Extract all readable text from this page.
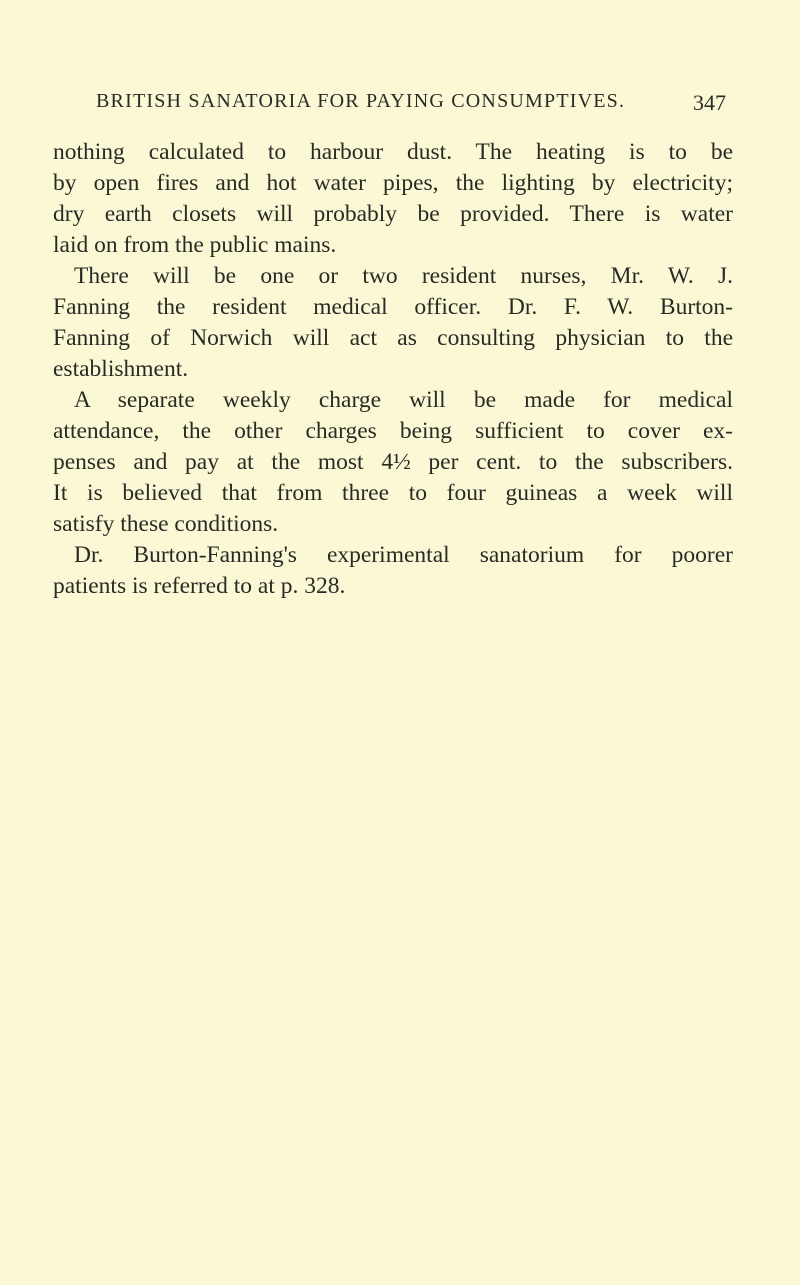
BRITISH SANATORIA FOR PAYING CONSUMPTIVES.	347
nothing calculated to harbour dust. The heating is to be
by open fires and hot water pipes, the lighting by electricity;
dry earth closets will probably be provided. There is water
laid on from the public mains.
There will be one or two resident nurses, Mr. W. J.
Fanning the resident medical officer. Dr. F. W. Burton-
Fanning of Norwich will act as consulting physician to the
establishment.
A separate weekly charge will be made for medical
attendance, the other charges being sufficient to cover ex-
penses and pay at the most 4½ per cent. to the subscribers.
It is believed that from three to four guineas a week will
satisfy these conditions.
Dr. Burton-Fanning's experimental sanatorium for poorer
patients is referred to at p. 328.
